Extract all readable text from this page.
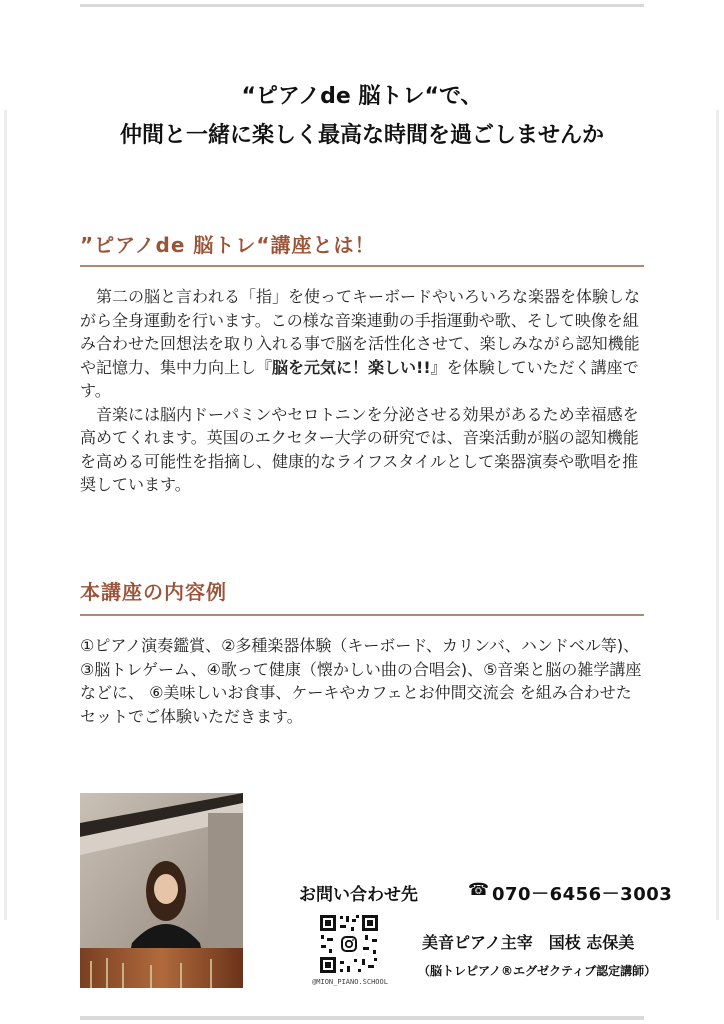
“ピアノde 脳トレ“で、
仲間と一緒に楽しく最高な時間を過ごしませんか
”ピアノde 脳トレ“講座とは！

　第二の脳と言われる「指」を使ってキーボードやいろいろな楽器を体験しながら全身運動を行います。この様な音楽連動の手指運動や歌、そして映像を組み合わせた回想法を取り入れる事で脳を活性化させて、楽しみながら認知機能や記憶力、集中力向上し『脳を元気に！楽しい!!』を体験していただく講座です。

　音楽には脳内ドーパミンやセロトニンを分泌させる効果があるため幸福感を高めてくれます。英国のエクセター大学の研究では、音楽活動が脳の認知機能を高める可能性を指摘し、健康的なライフスタイルとして楽器演奏や歌唱を推奨しています。

本講座の内容例
①ピアノ演奏鑑賞、②多種楽器体験（キーボード、カリンバ、ハンドベル等)、③脳トレゲーム、④歌って健康（懐かしい曲の合唱会)、⑤音楽と脳の雑学講座などに、 ⑥美味しいお食事、ケーキやカフェとお仲間交流会 を組み合わせたセットでご体験いただきます。
お問い合わせ先	☎ 070－6456－3003
@MION_PIANO.SCHOOL
美音ピアノ主宰　国枝 志保美
（脳トレピアノ®エグゼクティブ認定講師）
